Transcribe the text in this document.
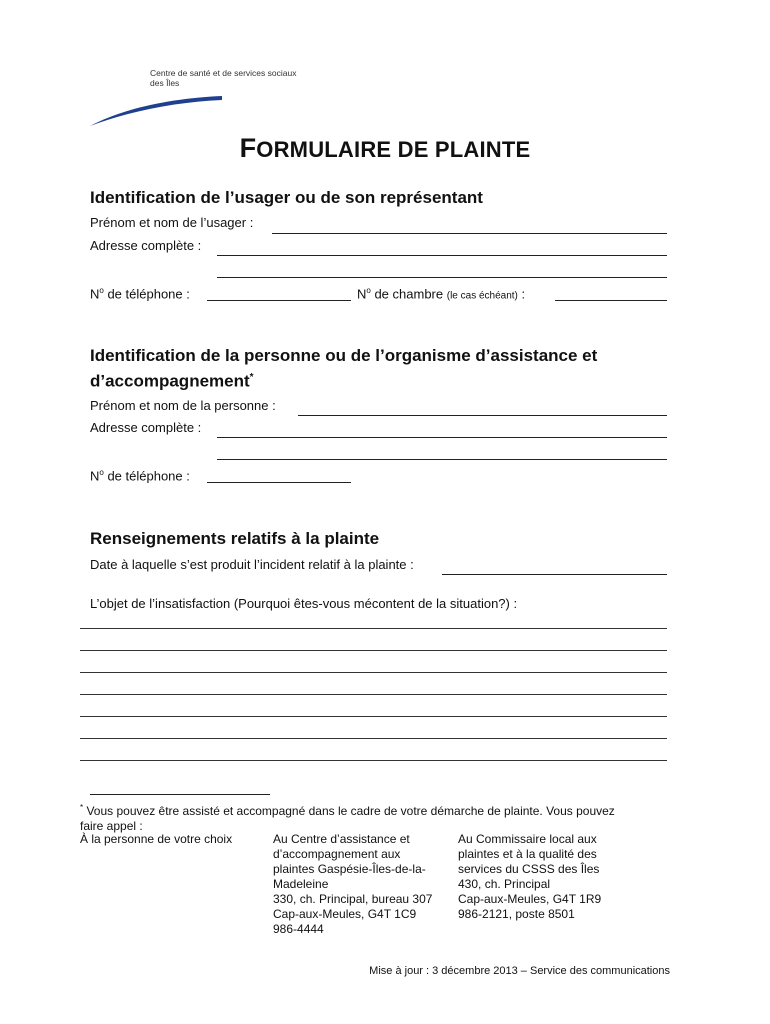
Centre de santé et de services sociaux
des Îles
FORMULAIRE DE PLAINTE
Identification de l’usager ou de son représentant
Prénom et nom de l’usager :
Adresse complète :
$N^o$ de téléphone :	$N^o$ de chambre (le cas échéant) :
Identification de la personne ou de l’organisme d’assistance et
d’accompagnement*
Prénom et nom de la personne :
Adresse complète :
$N^o$ de téléphone :
Renseignements relatifs à la plainte
Date à laquelle s’est produit l’incident relatif à la plainte :
L’objet de l’insatisfaction (Pourquoi êtes-vous mécontent de la situation?) :
* Vous pouvez être assisté et accompagné dans le cadre de votre démarche de plainte. Vous pouvez
faire appel :
À la personne de votre choix	Au Centre d’assistance et
d’accompagnement aux
plaintes Gaspésie-Îles-de-la-
Madeleine
330, ch. Principal, bureau 307
Cap-aux-Meules, G4T 1C9
986-4444
Au Commissaire local aux
plaintes et à la qualité des
services du CSSS des Îles
430, ch. Principal
Cap-aux-Meules, G4T 1R9
986-2121, poste 8501
Mise à jour : 3 décembre 2013 – Service des communications
